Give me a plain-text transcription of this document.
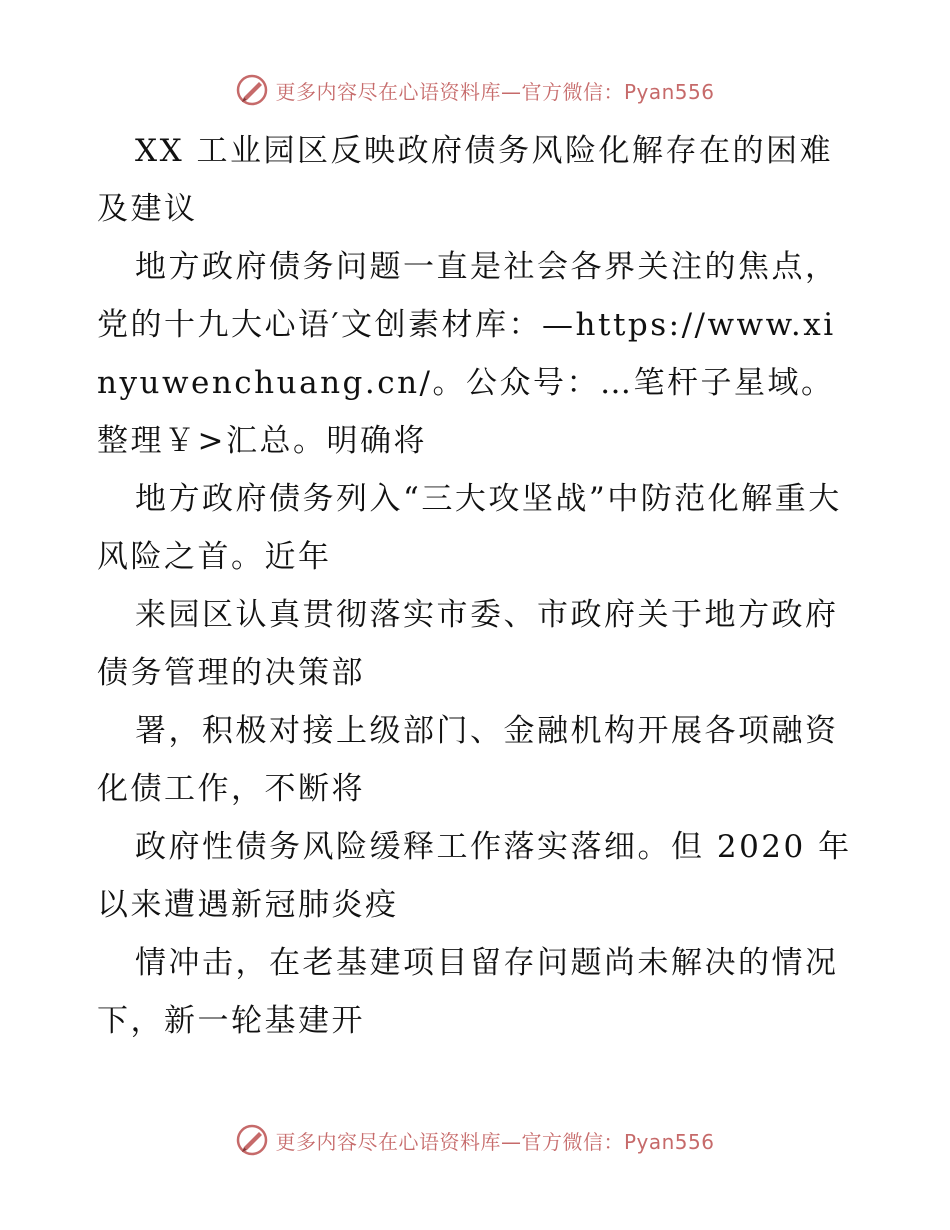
更多内容尽在心语资料库—官方微信：Pyan556

XX 工业园区反映政府债务风险化解存在的困难及建议

地方政府债务问题一直是社会各界关注的焦点，党的十九大心语′文创素材库：—https://www.xinyuwenchuang.cn/。公众号：…笔杆子星域。整理￥>汇总。明确将

地方政府债务列入“三大攻坚战”中防范化解重大风险之首。近年

来园区认真贯彻落实市委、市政府关于地方政府债务管理的决策部

署，积极对接上级部门、金融机构开展各项融资化债工作，不断将

政府性债务风险缓释工作落实落细。但 2020 年以来遭遇新冠肺炎疫

情冲击，在老基建项目留存问题尚未解决的情况下，新一轮基建开

更多内容尽在心语资料库—官方微信：Pyan556
